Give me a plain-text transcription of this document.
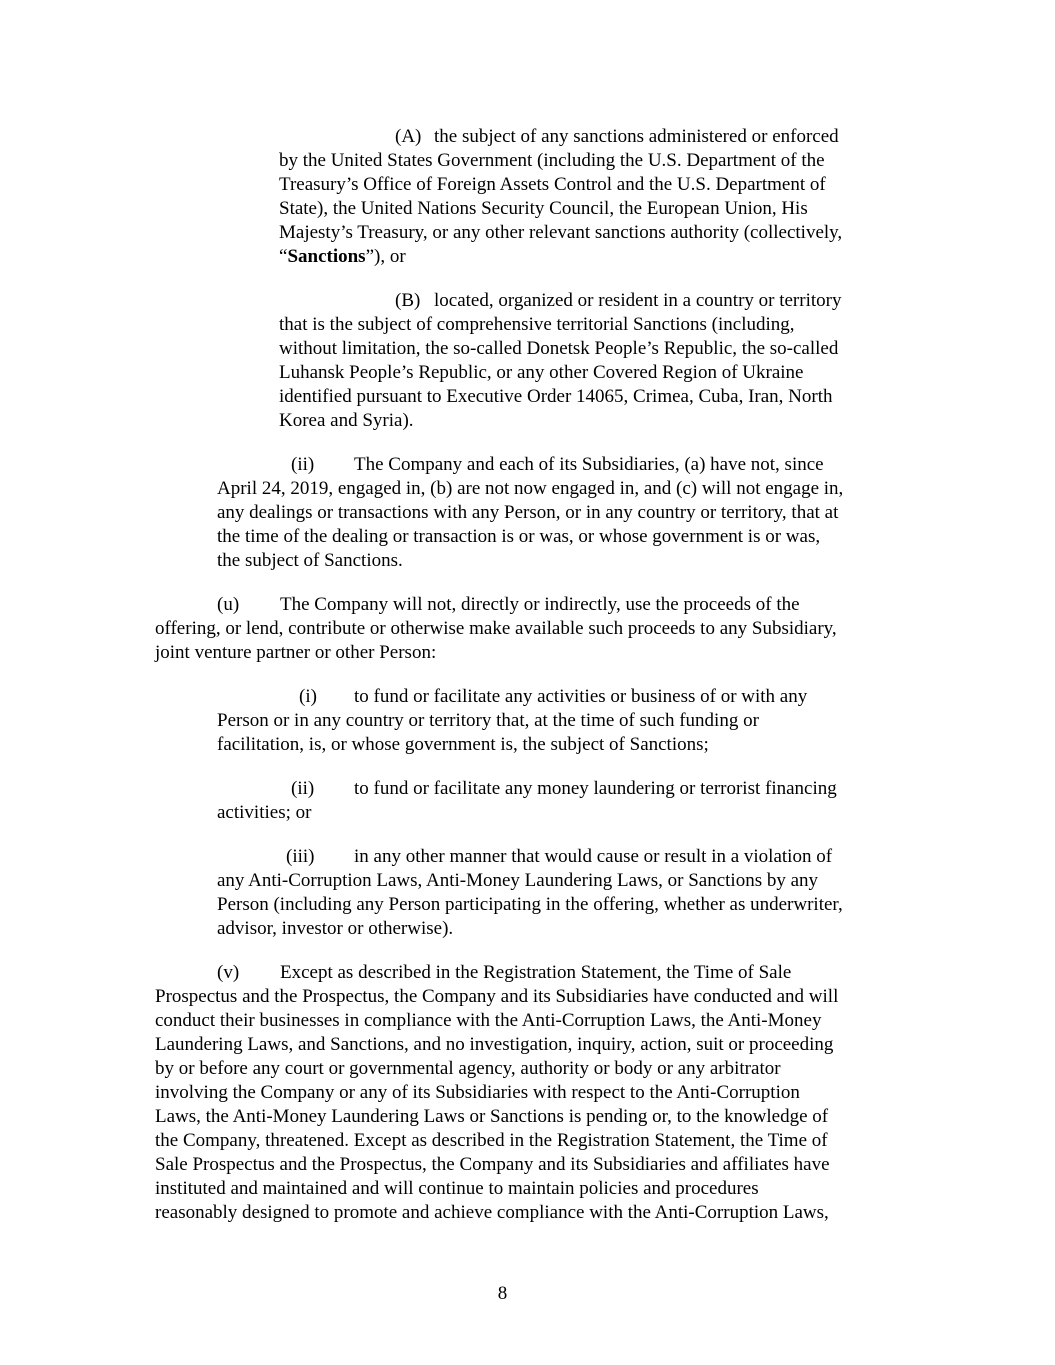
(A) the subject of any sanctions administered or enforced
by the United States Government (including the U.S. Department of the
Treasury’s Office of Foreign Assets Control and the U.S. Department of
State), the United Nations Security Council, the European Union, His
Majesty’s Treasury, or any other relevant sanctions authority (collectively,
“Sanctions”), or
(B) located, organized or resident in a country or territory
that is the subject of comprehensive territorial Sanctions (including,
without limitation, the so-called Donetsk People’s Republic, the so-called
Luhansk People’s Republic, or any other Covered Region of Ukraine
identified pursuant to Executive Order 14065, Crimea, Cuba, Iran, North
Korea and Syria).
(ii) The Company and each of its Subsidiaries, (a) have not, since
April 24, 2019, engaged in, (b) are not now engaged in, and (c) will not engage in,
any dealings or transactions with any Person, or in any country or territory, that at
the time of the dealing or transaction is or was, or whose government is or was,
the subject of Sanctions.
(u) The Company will not, directly or indirectly, use the proceeds of the
offering, or lend, contribute or otherwise make available such proceeds to any Subsidiary,
joint venture partner or other Person:
(i) to fund or facilitate any activities or business of or with any
Person or in any country or territory that, at the time of such funding or
facilitation, is, or whose government is, the subject of Sanctions;
(ii) to fund or facilitate any money laundering or terrorist financing
activities; or
(iii) in any other manner that would cause or result in a violation of
any Anti-Corruption Laws, Anti-Money Laundering Laws, or Sanctions by any
Person (including any Person participating in the offering, whether as underwriter,
advisor, investor or otherwise).
(v) Except as described in the Registration Statement, the Time of Sale
Prospectus and the Prospectus, the Company and its Subsidiaries have conducted and will
conduct their businesses in compliance with the Anti-Corruption Laws, the Anti-Money
Laundering Laws, and Sanctions, and no investigation, inquiry, action, suit or proceeding
by or before any court or governmental agency, authority or body or any arbitrator
involving the Company or any of its Subsidiaries with respect to the Anti-Corruption
Laws, the Anti-Money Laundering Laws or Sanctions is pending or, to the knowledge of
the Company, threatened. Except as described in the Registration Statement, the Time of
Sale Prospectus and the Prospectus, the Company and its Subsidiaries and affiliates have
instituted and maintained and will continue to maintain policies and procedures
reasonably designed to promote and achieve compliance with the Anti-Corruption Laws,
8
